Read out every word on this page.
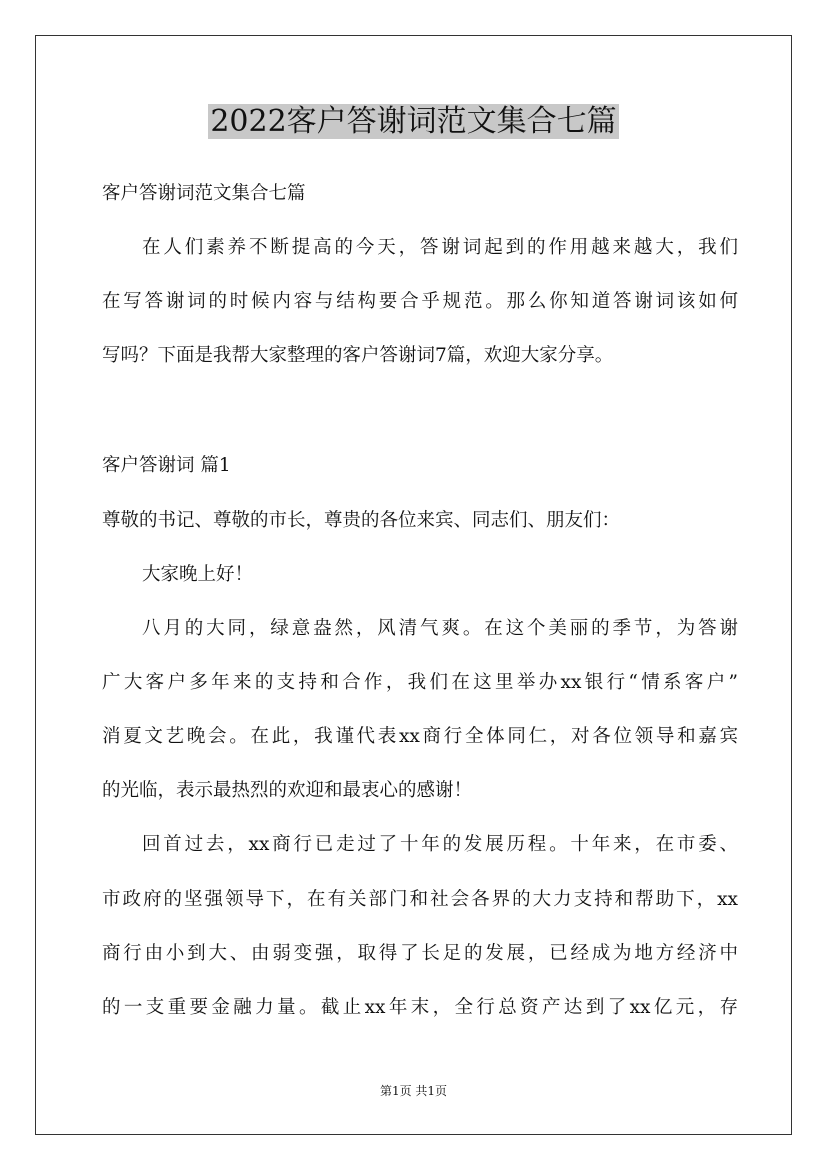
2022客户答谢词范文集合七篇

客户答谢词范文集合七篇

在人们素养不断提高的今天，答谢词起到的作用越来越大，我们

在写答谢词的时候内容与结构要合乎规范。那么你知道答谢词该如何

写吗？下面是我帮大家整理的客户答谢词7篇，欢迎大家分享。

客户答谢词 篇1

尊敬的书记、尊敬的市长，尊贵的各位来宾、同志们、朋友们：

大家晚上好！

八月的大同，绿意盎然，风清气爽。在这个美丽的季节，为答谢

广大客户多年来的支持和合作，我们在这里举办xx银行“情系客户”

消夏文艺晚会。在此，我谨代表xx商行全体同仁，对各位领导和嘉宾

的光临，表示最热烈的欢迎和最衷心的感谢！

回首过去，xx商行已走过了十年的发展历程。十年来，在市委、

市政府的坚强领导下，在有关部门和社会各界的大力支持和帮助下，xx

商行由小到大、由弱变强，取得了长足的发展，已经成为地方经济中

的一支重要金融力量。截止xx年末，全行总资产达到了xx亿元，存

第1页 共1页
